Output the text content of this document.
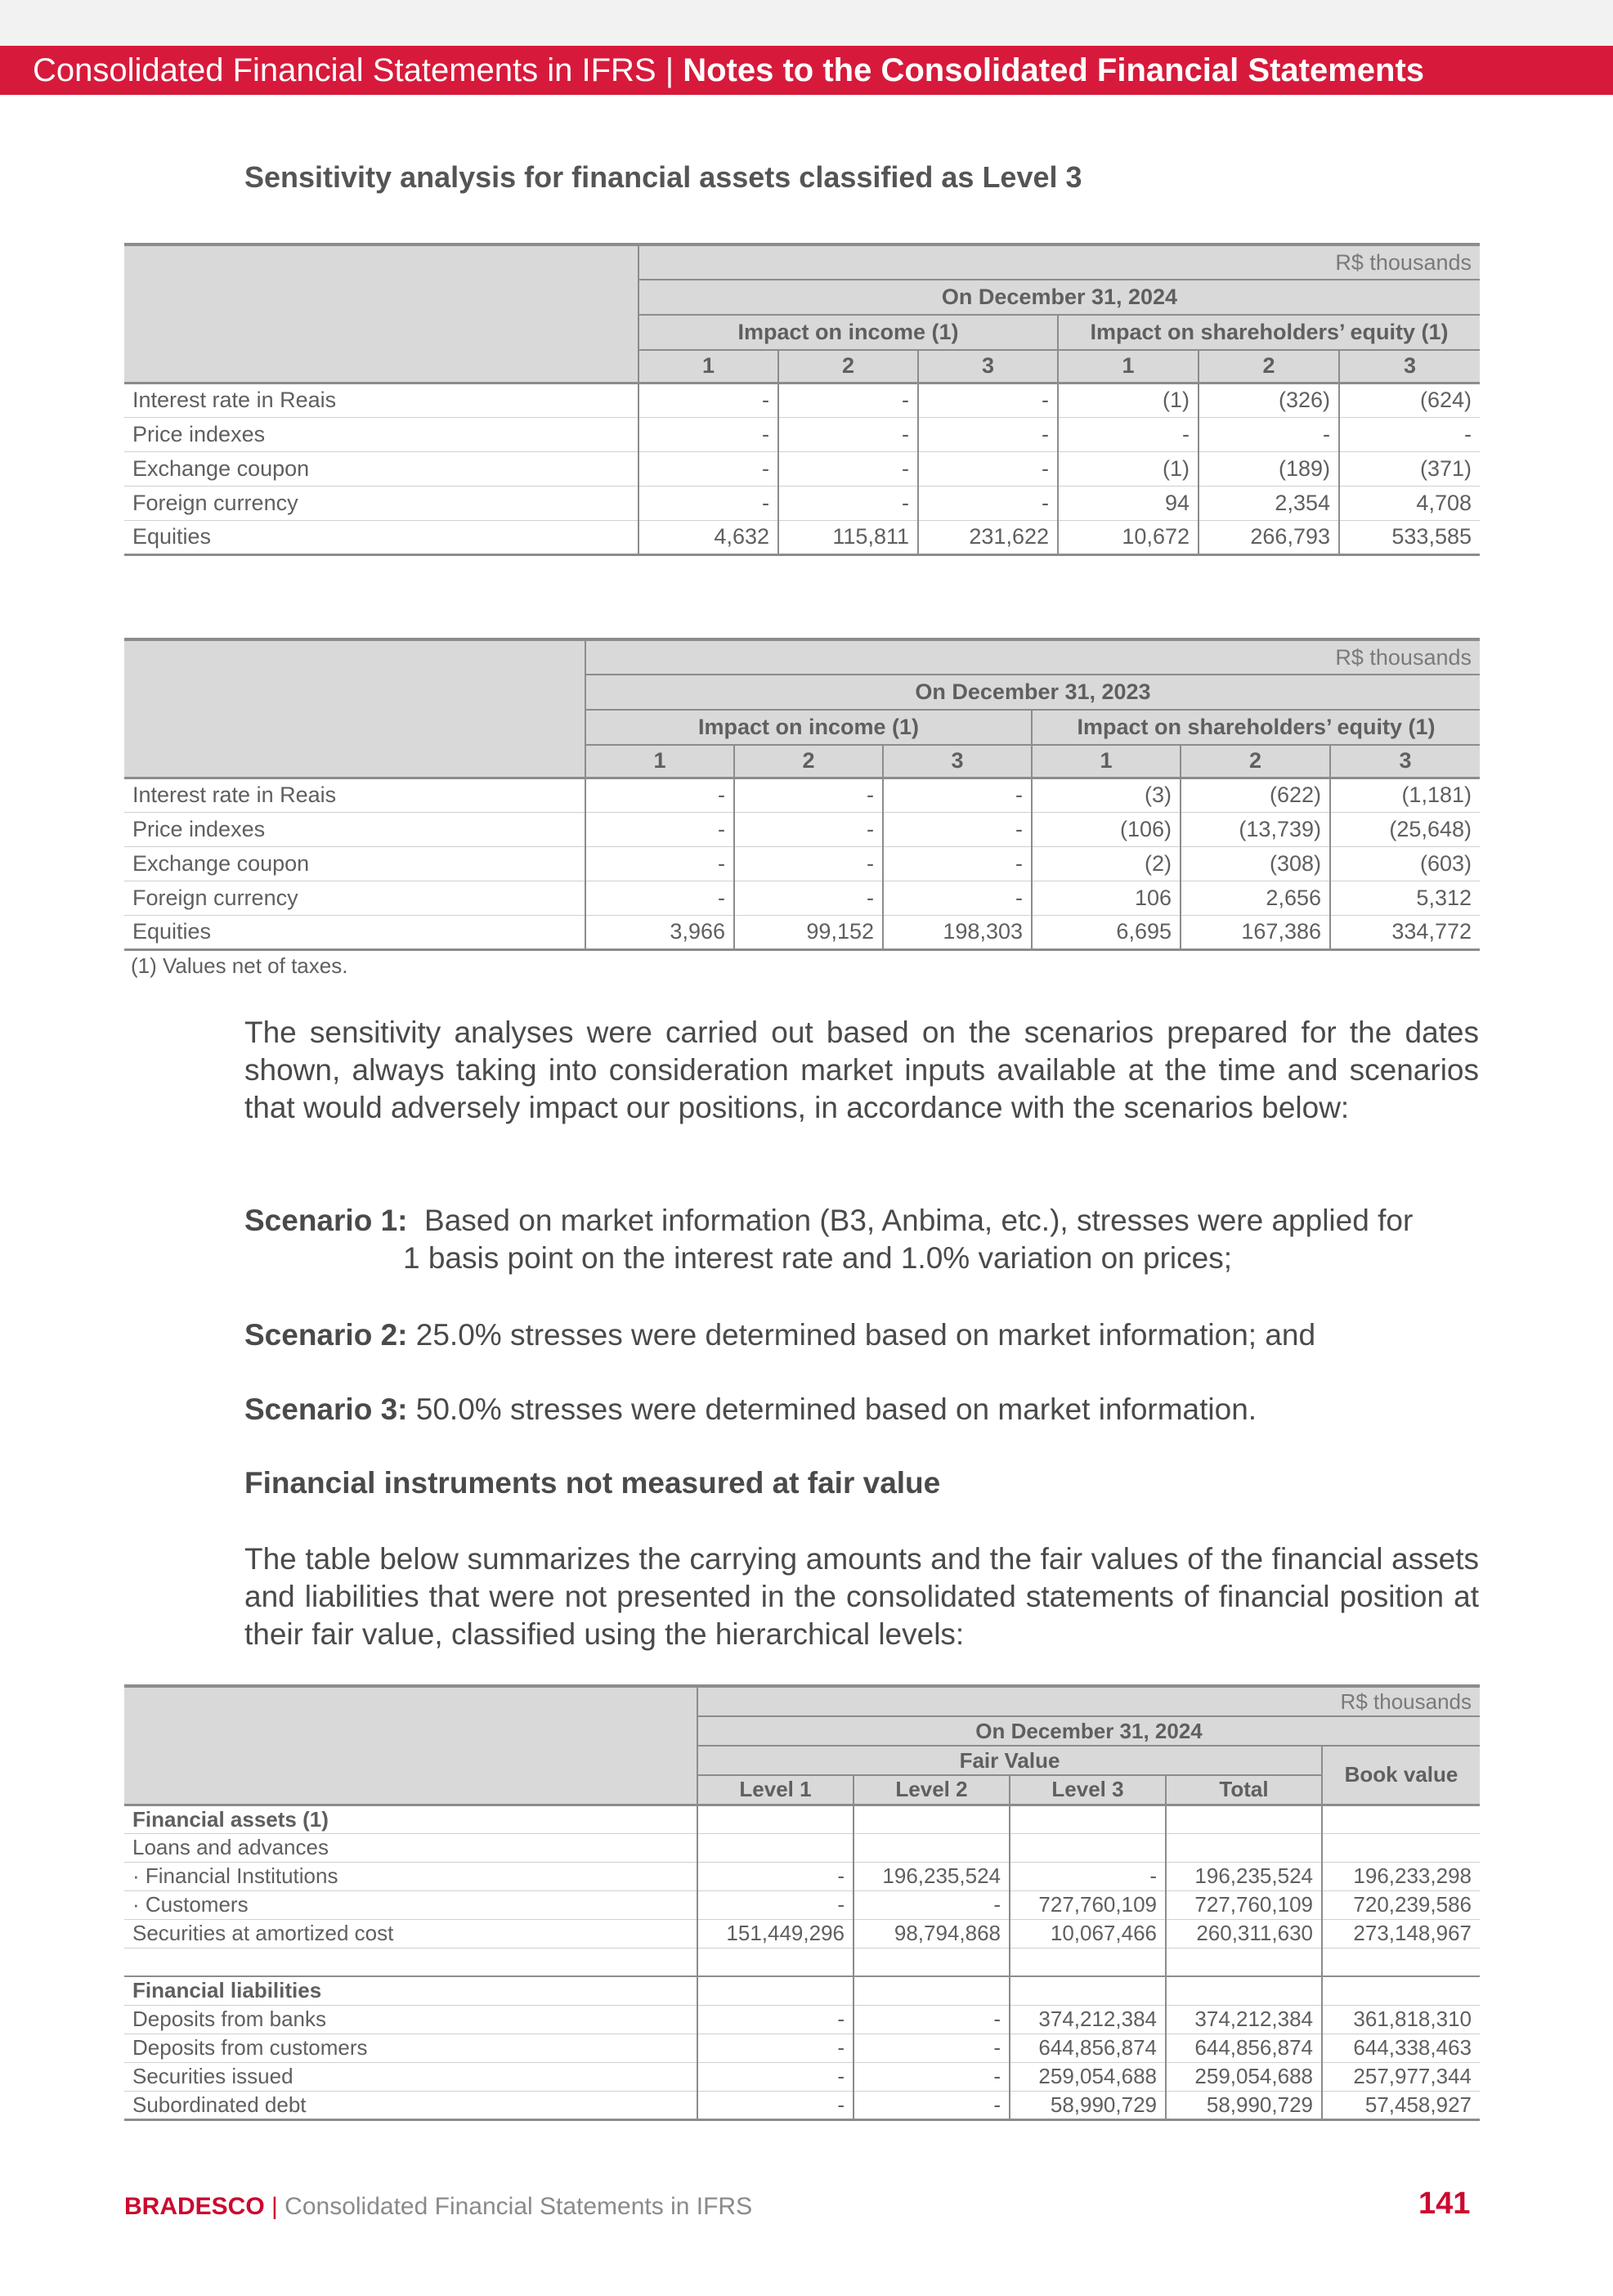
Consolidated Financial Statements in IFRS | Notes to the Consolidated Financial Statements
Sensitivity analysis for financial assets classified as Level 3
	R$ thousands					
	On December 31, 2024					
	Impact on income (1)			Impact on shareholders’ equity (1)		
	1	2	3	1	2	3
Interest rate in Reais	-	-	-	(1)	(326)	(624)
Price indexes	-	-	-	-	-	-
Exchange coupon	-	-	-	(1)	(189)	(371)
Foreign currency	-	-	-	94	2,354	4,708
Equities	4,632	115,811	231,622	10,672	266,793	533,585
	R$ thousands					
	On December 31, 2023					
	Impact on income (1)			Impact on shareholders’ equity (1)		
	1	2	3	1	2	3
Interest rate in Reais	-	-	-	(3)	(622)	(1,181)
Price indexes	-	-	-	(106)	(13,739)	(25,648)
Exchange coupon	-	-	-	(2)	(308)	(603)
Foreign currency	-	-	-	106	2,656	5,312
Equities	3,966	99,152	198,303	6,695	167,386	334,772
(1) Values net of taxes.
The sensitivity analyses were carried out based on the scenarios prepared for the dates shown, always taking into consideration market inputs available at the time and scenarios that would adversely impact our positions, in accordance with the scenarios below:
Scenario 1: Based on market information (B3, Anbima, etc.), stresses were applied for
1 basis point on the interest rate and 1.0% variation on prices;
Scenario 2: 25.0% stresses were determined based on market information; and
Scenario 3: 50.0% stresses were determined based on market information.
Financial instruments not measured at fair value
The table below summarizes the carrying amounts and the fair values of the financial assets and liabilities that were not presented in the consolidated statements of financial position at their fair value, classified using the hierarchical levels:
	R$ thousands				
	On December 31, 2024				
	Fair Value				Book value
	Level 1	Level 2	Level 3	Total	
Financial assets (1)					
Loans and advances					
· Financial Institutions	-	196,235,524	-	196,235,524	196,233,298
· Customers	-	-	727,760,109	727,760,109	720,239,586
Securities at amortized cost	151,449,296	98,794,868	10,067,466	260,311,630	273,148,967

Financial liabilities					
Deposits from banks	-	-	374,212,384	374,212,384	361,818,310
Deposits from customers	-	-	644,856,874	644,856,874	644,338,463
Securities issued	-	-	259,054,688	259,054,688	257,977,344
Subordinated debt	-	-	58,990,729	58,990,729	57,458,927
BRADESCO | Consolidated Financial Statements in IFRS	141
